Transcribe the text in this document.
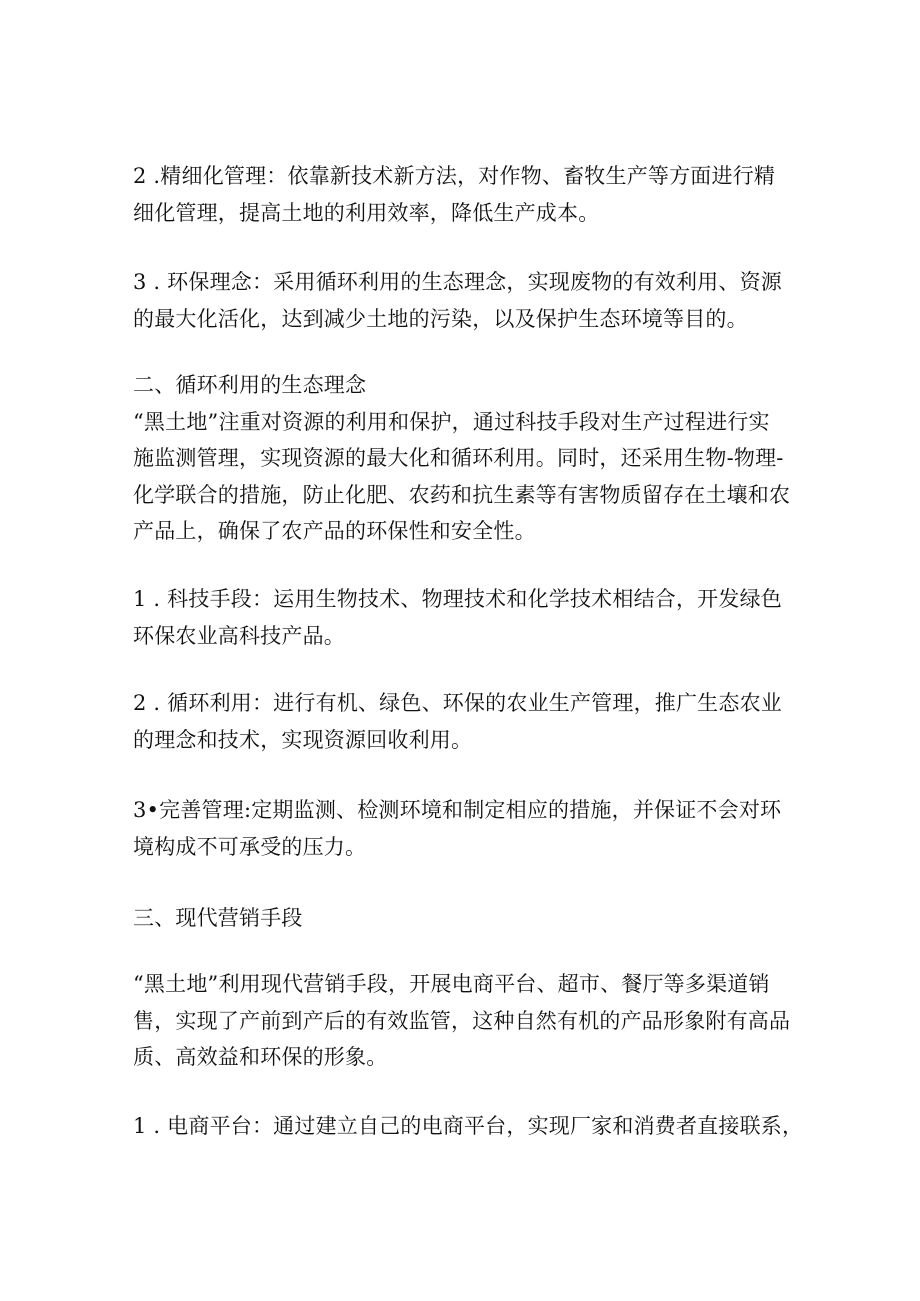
2 .精细化管理：依靠新技术新方法，对作物、畜牧生产等方面进行精
细化管理，提高土地的利用效率，降低生产成本。
3 . 环保理念：采用循环利用的生态理念，实现废物的有效利用、资源
的最大化活化，达到减少土地的污染，以及保护生态环境等目的。
二、循环利用的生态理念
“黑土地”注重对资源的利用和保护，通过科技手段对生产过程进行实
施监测管理，实现资源的最大化和循环利用。同时，还采用生物-物理-
化学联合的措施，防止化肥、农药和抗生素等有害物质留存在土壤和农
产品上，确保了农产品的环保性和安全性。
1 . 科技手段：运用生物技术、物理技术和化学技术相结合，开发绿色
环保农业高科技产品。
2 . 循环利用：进行有机、绿色、环保的农业生产管理，推广生态农业
的理念和技术，实现资源回收利用。
3•完善管理:定期监测、检测环境和制定相应的措施，并保证不会对环
境构成不可承受的压力。
三、现代营销手段
“黑土地”利用现代营销手段，开展电商平台、超市、餐厅等多渠道销
售，实现了产前到产后的有效监管，这种自然有机的产品形象附有高品
质、高效益和环保的形象。
1 . 电商平台：通过建立自己的电商平台，实现厂家和消费者直接联系，
